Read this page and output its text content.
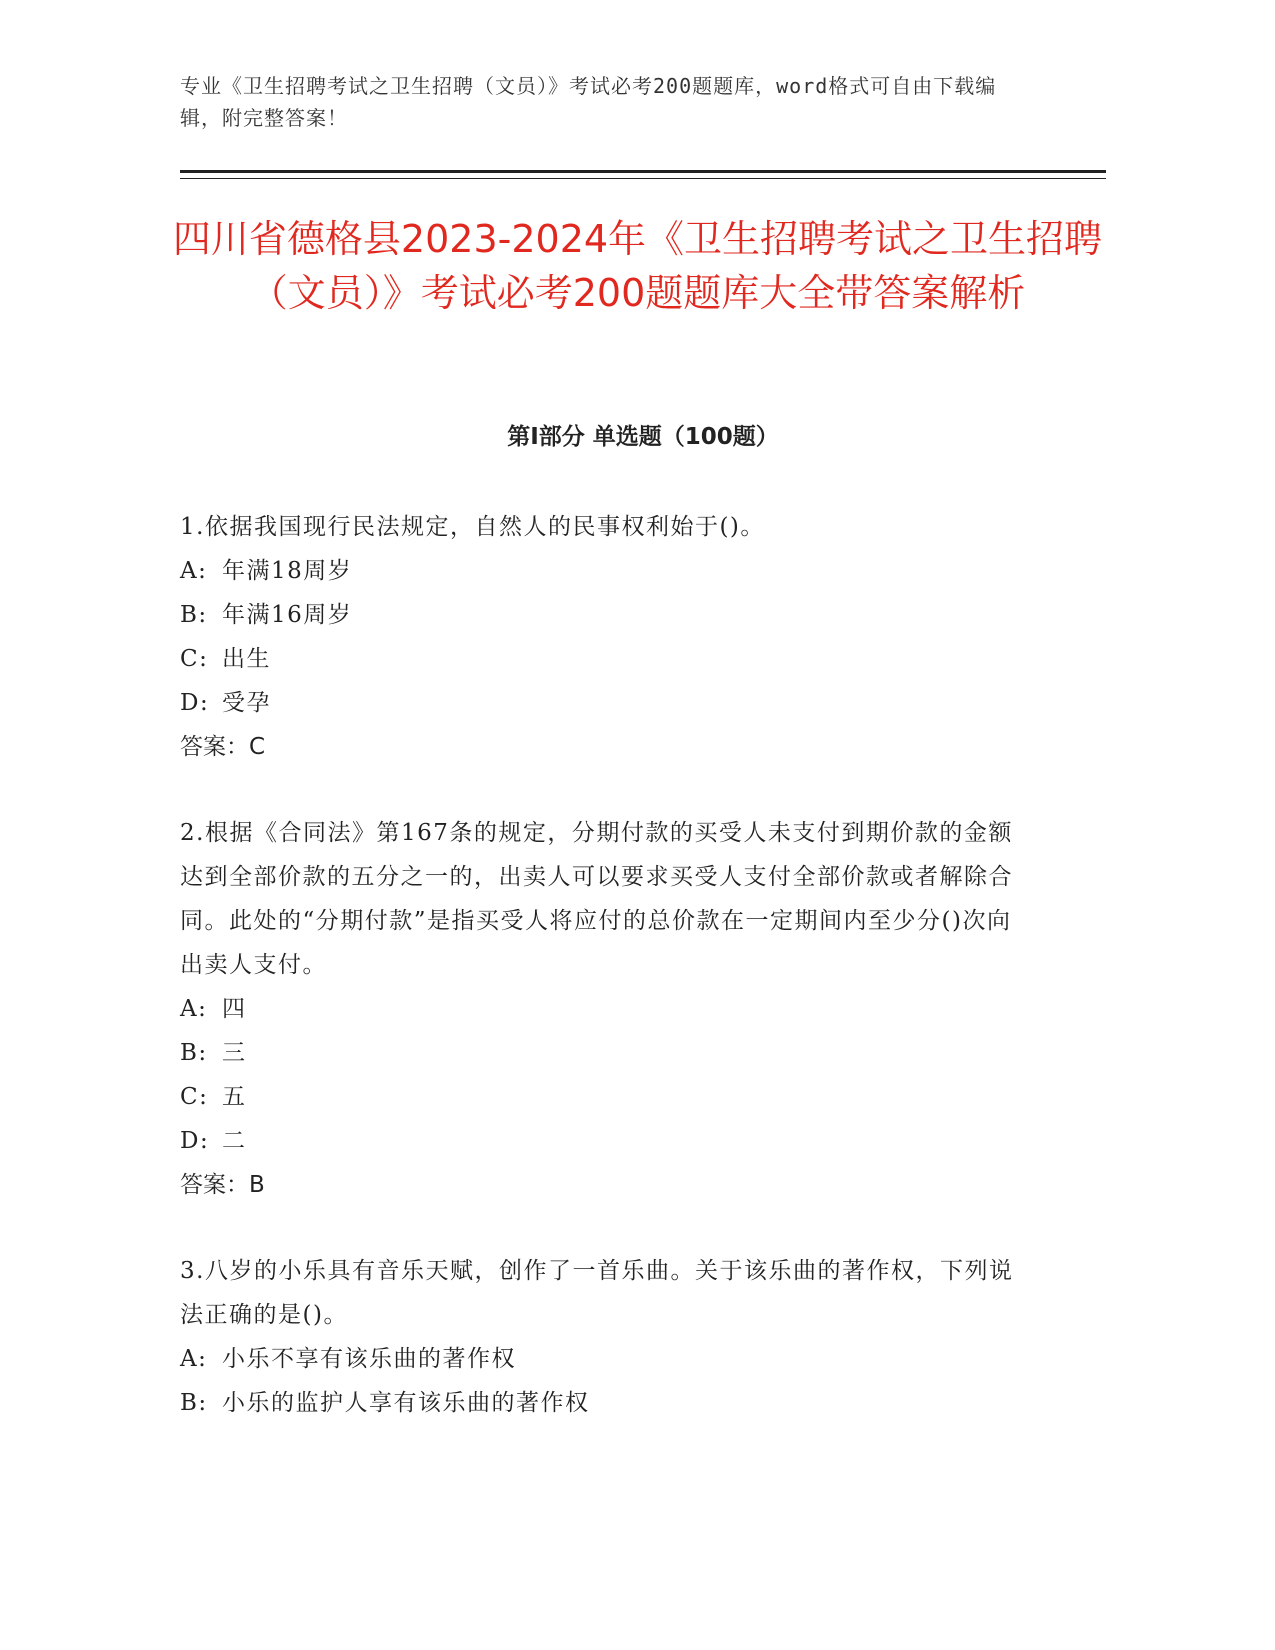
专业《卫生招聘考试之卫生招聘（文员）》考试必考200题题库，word格式可自由下载编辑，附完整答案！
四川省德格县2023-2024年《卫生招聘考试之卫生招聘（文员）》考试必考200题题库大全带答案解析
第Ⅰ部分 单选题（100题）

1.依据我国现行民法规定，自然人的民事权利始于()。

A: 年满18周岁

B: 年满16周岁

C: 出生

D: 受孕

答案：C

2.根据《合同法》第167条的规定，分期付款的买受人未支付到期价款的金额达到全部价款的五分之一的，出卖人可以要求买受人支付全部价款或者解除合同。此处的“分期付款”是指买受人将应付的总价款在一定期间内至少分()次向出卖人支付。

A: 四

B: 三

C: 五

D: 二

答案：B

3.八岁的小乐具有音乐天赋，创作了一首乐曲。关于该乐曲的著作权，下列说法正确的是()。

A: 小乐不享有该乐曲的著作权

B: 小乐的监护人享有该乐曲的著作权
